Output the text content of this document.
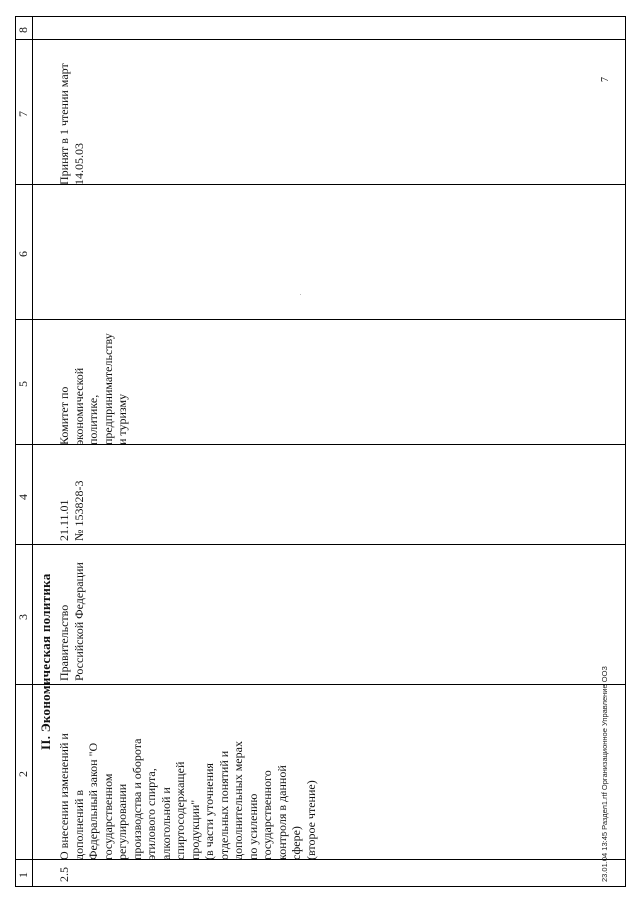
1
2
3
4
5
6
7
8
II. Экономическая политика
2.5
О внесении изменений и
дополнений в
Федеральный закон "О
государственном
регулировании
производства и оборота
этилового спирта,
алкогольной и
спиртосодержащей
продукции"
(в части уточнения
отдельных понятий и
дополнительных мерах
по усилению
государственного
контроля в данной
сфере)
(второе чтение)
Правительство
Российской Федерации
21.11.01
№ 153828-3
Комитет по
экономической
политике,
предпринимательству
и туризму
Принят в 1 чтении март
14.05.03
23.01.04 13:45 Раздел1.rtf Организационное Управление ООЗ
7
